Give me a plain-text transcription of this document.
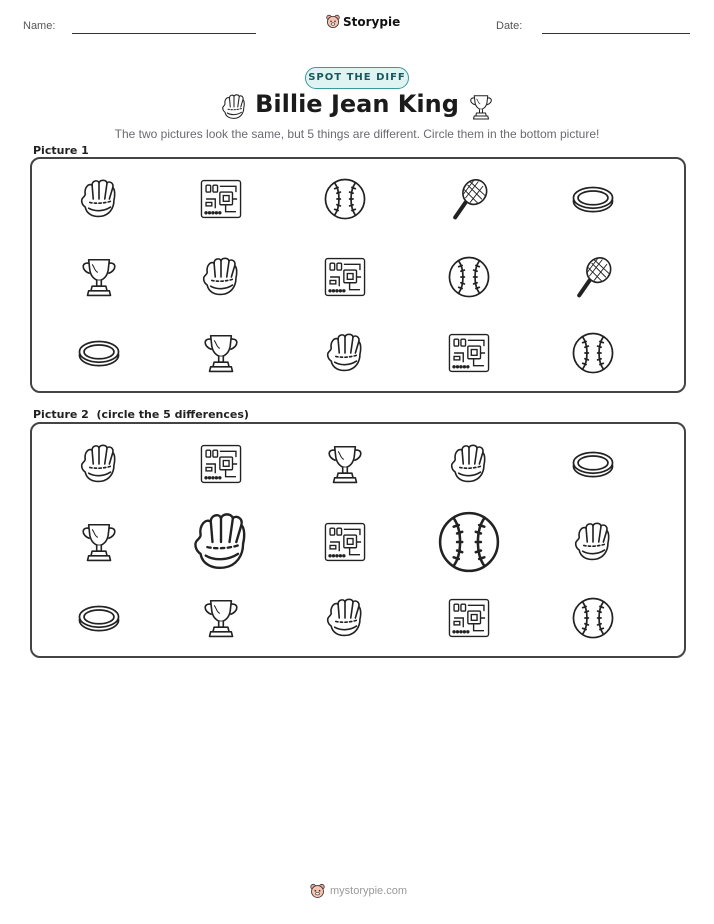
Name:	Storypie	Date:
SPOT THE DIFF
Billie Jean King
The two pictures look the same, but 5 things are different. Circle them in the bottom picture!
Picture 1
Picture 2  (circle the 5 differences)
mystorypie.com
